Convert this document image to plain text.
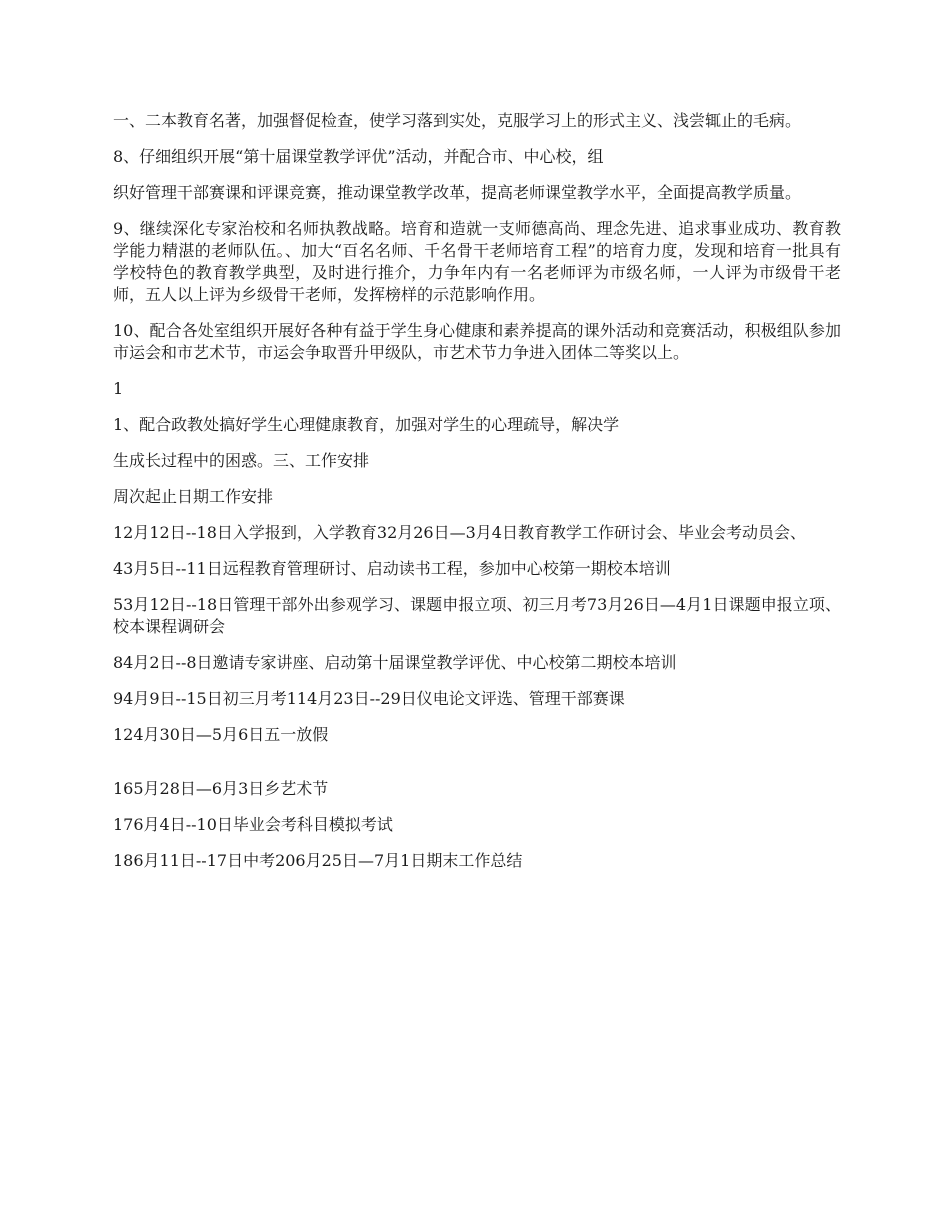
一、二本教育名著，加强督促检查，使学习落到实处，克服学习上的形式主义、浅尝辄止的毛病。

8、仔细组织开展“第十届课堂教学评优”活动，并配合市、中心校，组

织好管理干部赛课和评课竞赛，推动课堂教学改革，提高老师课堂教学水平，全面提高教学质量。

9、继续深化专家治校和名师执教战略。培育和造就一支师德高尚、理念先进、追求事业成功、教育教学能力精湛的老师队伍。、加大“百名名师、千名骨干老师培育工程”的培育力度，发现和培育一批具有学校特色的教育教学典型，及时进行推介，力争年内有一名老师评为市级名师，一人评为市级骨干老师，五人以上评为乡级骨干老师，发挥榜样的示范影响作用。

10、配合各处室组织开展好各种有益于学生身心健康和素养提高的课外活动和竞赛活动，积极组队参加市运会和市艺术节，市运会争取晋升甲级队，市艺术节力争进入团体二等奖以上。

1

1、配合政教处搞好学生心理健康教育，加强对学生的心理疏导，解决学

生成长过程中的困惑。三、工作安排

周次起止日期工作安排

12月12日--18日入学报到，入学教育32月26日—3月4日教育教学工作研讨会、毕业会考动员会、

43月5日--11日远程教育管理研讨、启动读书工程，参加中心校第一期校本培训

53月12日--18日管理干部外出参观学习、课题申报立项、初三月考73月26日—4月1日课题申报立项、校本课程调研会

84月2日--8日邀请专家讲座、启动第十届课堂教学评优、中心校第二期校本培训

94月9日--15日初三月考114月23日--29日仪电论文评选、管理干部赛课

124月30日—5月6日五一放假

165月28日—6月3日乡艺术节

176月4日--10日毕业会考科目模拟考试

186月11日--17日中考206月25日—7月1日期末工作总结
